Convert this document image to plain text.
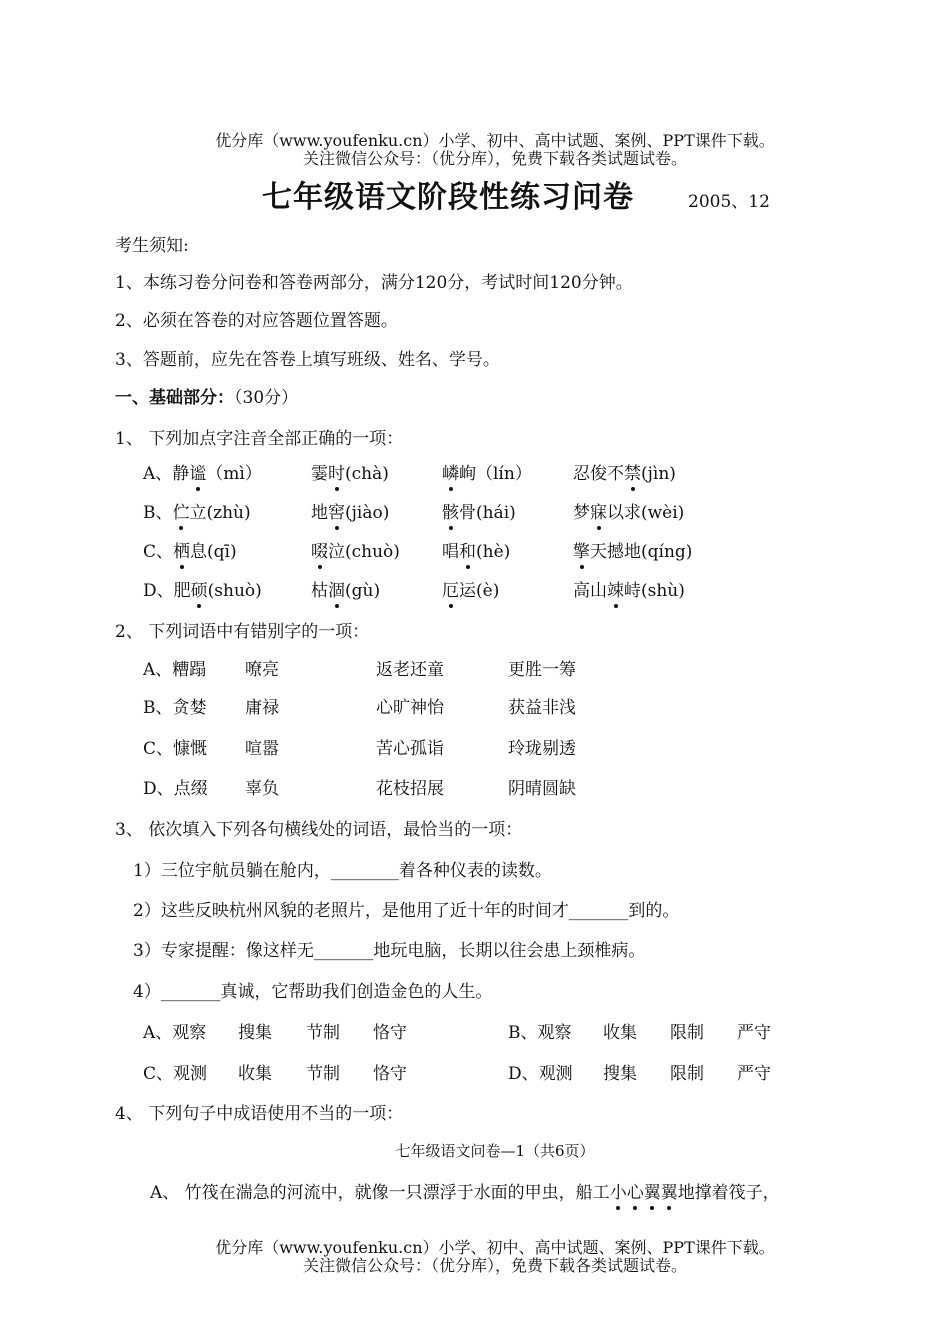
优分库（www.youfenku.cn）小学、初中、高中试题、案例、PPT课件下载。
关注微信公众号：（优分库），免费下载各类试题试卷。
七年级语文阶段性练习问卷	2005、12
考生须知:
1、本练习卷分问卷和答卷两部分，满分120分，考试时间120分钟。
2、必须在答卷的对应答题位置答题。
3、答题前，应先在答卷上填写班级、姓名、学号。
一、基础部分：（30分）
1、 下列加点字注音全部正确的一项：
A、静谧（mì）	霎时(chà)	嶙峋（lín） 忍俊不禁(jìn)
B、伫立(zhù)	地窖(jiào)	骸骨(hái)	梦寐以求(wèi)
C、栖息(qī)	啜泣(chuò) 唱和(hè)	擎天撼地(qíng)
D、肥硕(shuò)	枯涸(gù)	厄运(è)	高山竦峙(shù)
2、 下列词语中有错别字的一项：
A、糟蹋 嘹亮	返老还童	更胜一筹
B、贪婪 庸禄	心旷神怡	获益非浅
C、慷慨 喧嚣	苦心孤诣	玲珑剔透
D、点缀 辜负	花枝招展	阴晴圆缺
3、 依次填入下列各句横线处的词语，最恰当的一项：
1）三位宇航员躺在舱内，________着各种仪表的读数。
2）这些反映杭州风貌的老照片，是他用了近十年的时间才_______到的。
3）专家提醒：像这样无_______地玩电脑，长期以往会患上颈椎病。
4）_______真诚，它帮助我们创造金色的人生。
A、观察 搜集 节制 恪守	B、观察 收集 限制 严守
C、观测 收集 节制 恪守	D、观测 搜集 限制 严守
4、 下列句子中成语使用不当的一项：
七年级语文问卷—1（共6页）
A、 竹筏在湍急的河流中，就像一只漂浮于水面的甲虫，船工小心翼翼地撑着筏子，
优分库（www.youfenku.cn）小学、初中、高中试题、案例、PPT课件下载。
关注微信公众号：（优分库），免费下载各类试题试卷。
